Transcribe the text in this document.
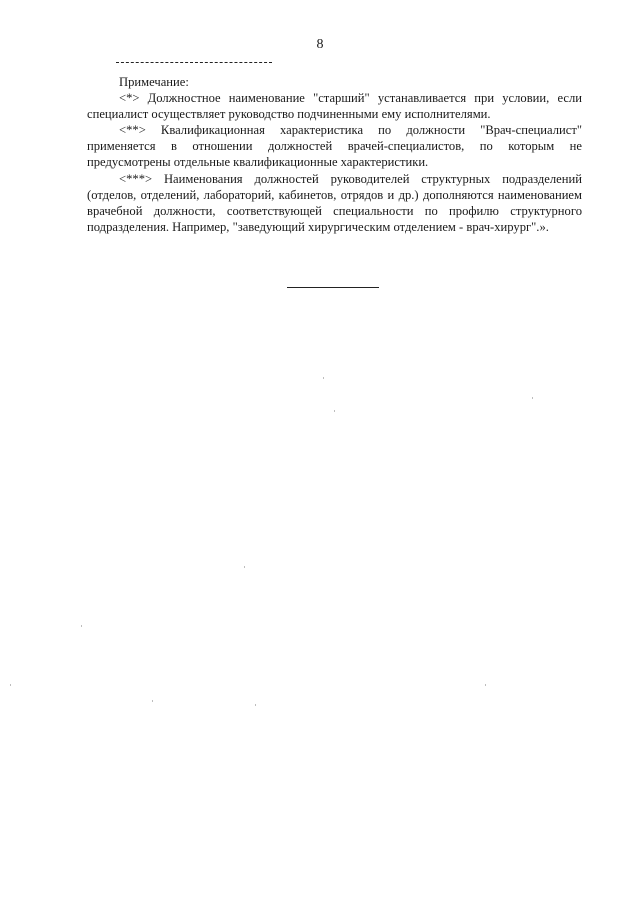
8

Примечание:

<*> Должностное наименование "старший" устанавливается при условии, если специалист осуществляет руководство подчиненными ему исполнителями.

<**> Квалификационная характеристика по должности "Врач-специалист" применяется в отношении должностей врачей-специалистов, по которым не предусмотрены отдельные квалификационные характеристики.

<***> Наименования должностей руководителей структурных подразделений (отделов, отделений, лабораторий, кабинетов, отрядов и др.) дополняются наименованием врачебной должности, соответствующей специальности по профилю структурного подразделения. Например, "заведующий хирургическим отделением - врач-хирург".».
